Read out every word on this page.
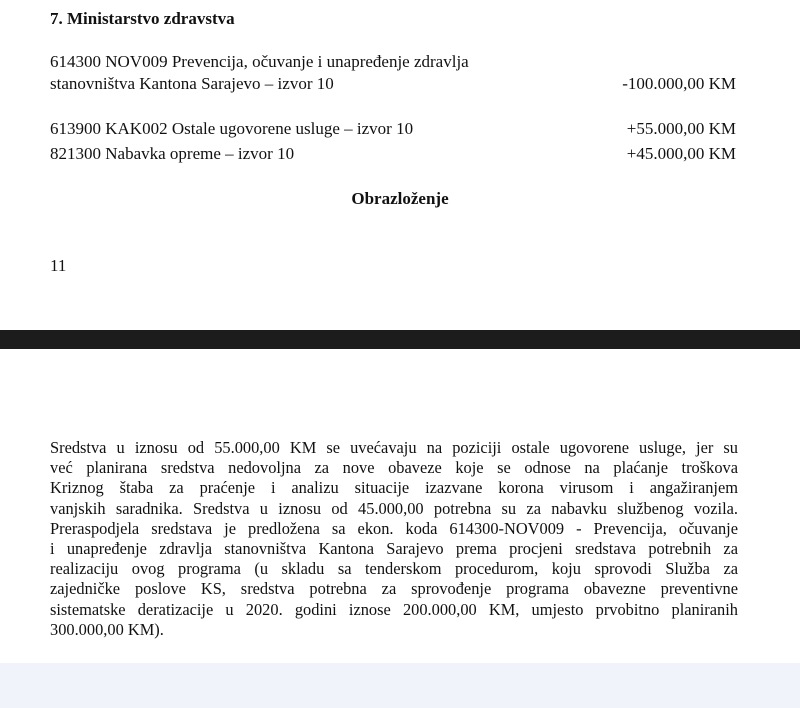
7. Ministarstvo zdravstva
614300 NOV009 Prevencija, očuvanje i unapređenje zdravlja
stanovništva Kantona Sarajevo – izvor 10	-100.000,00 KM
613900 KAK002 Ostale ugovorene usluge – izvor 10	+55.000,00 KM
821300 Nabavka opreme – izvor 10	+45.000,00 KM
Obrazloženje
11
Sredstva u iznosu od 55.000,00 KM se uvećavaju na poziciji ostale ugovorene usluge, jer su
već planirana sredstva nedovoljna za nove obaveze koje se odnose na plaćanje troškova
Kriznog štaba za praćenje i analizu situacije izazvane korona virusom i angažiranjem
vanjskih saradnika. Sredstva u iznosu od 45.000,00 potrebna su za nabavku službenog vozila.
Preraspodjela sredstava je predložena sa ekon. koda 614300-NOV009 - Prevencija, očuvanje
i unapređenje zdravlja stanovništva Kantona Sarajevo prema procjeni sredstava potrebnih za
realizaciju ovog programa (u skladu sa tenderskom procedurom, koju sprovodi Služba za
zajedničke poslove KS, sredstva potrebna za sprovođenje programa obavezne preventivne
sistematske deratizacije u 2020. godini iznose 200.000,00 KM, umjesto prvobitno planiranih
300.000,00 KM).
